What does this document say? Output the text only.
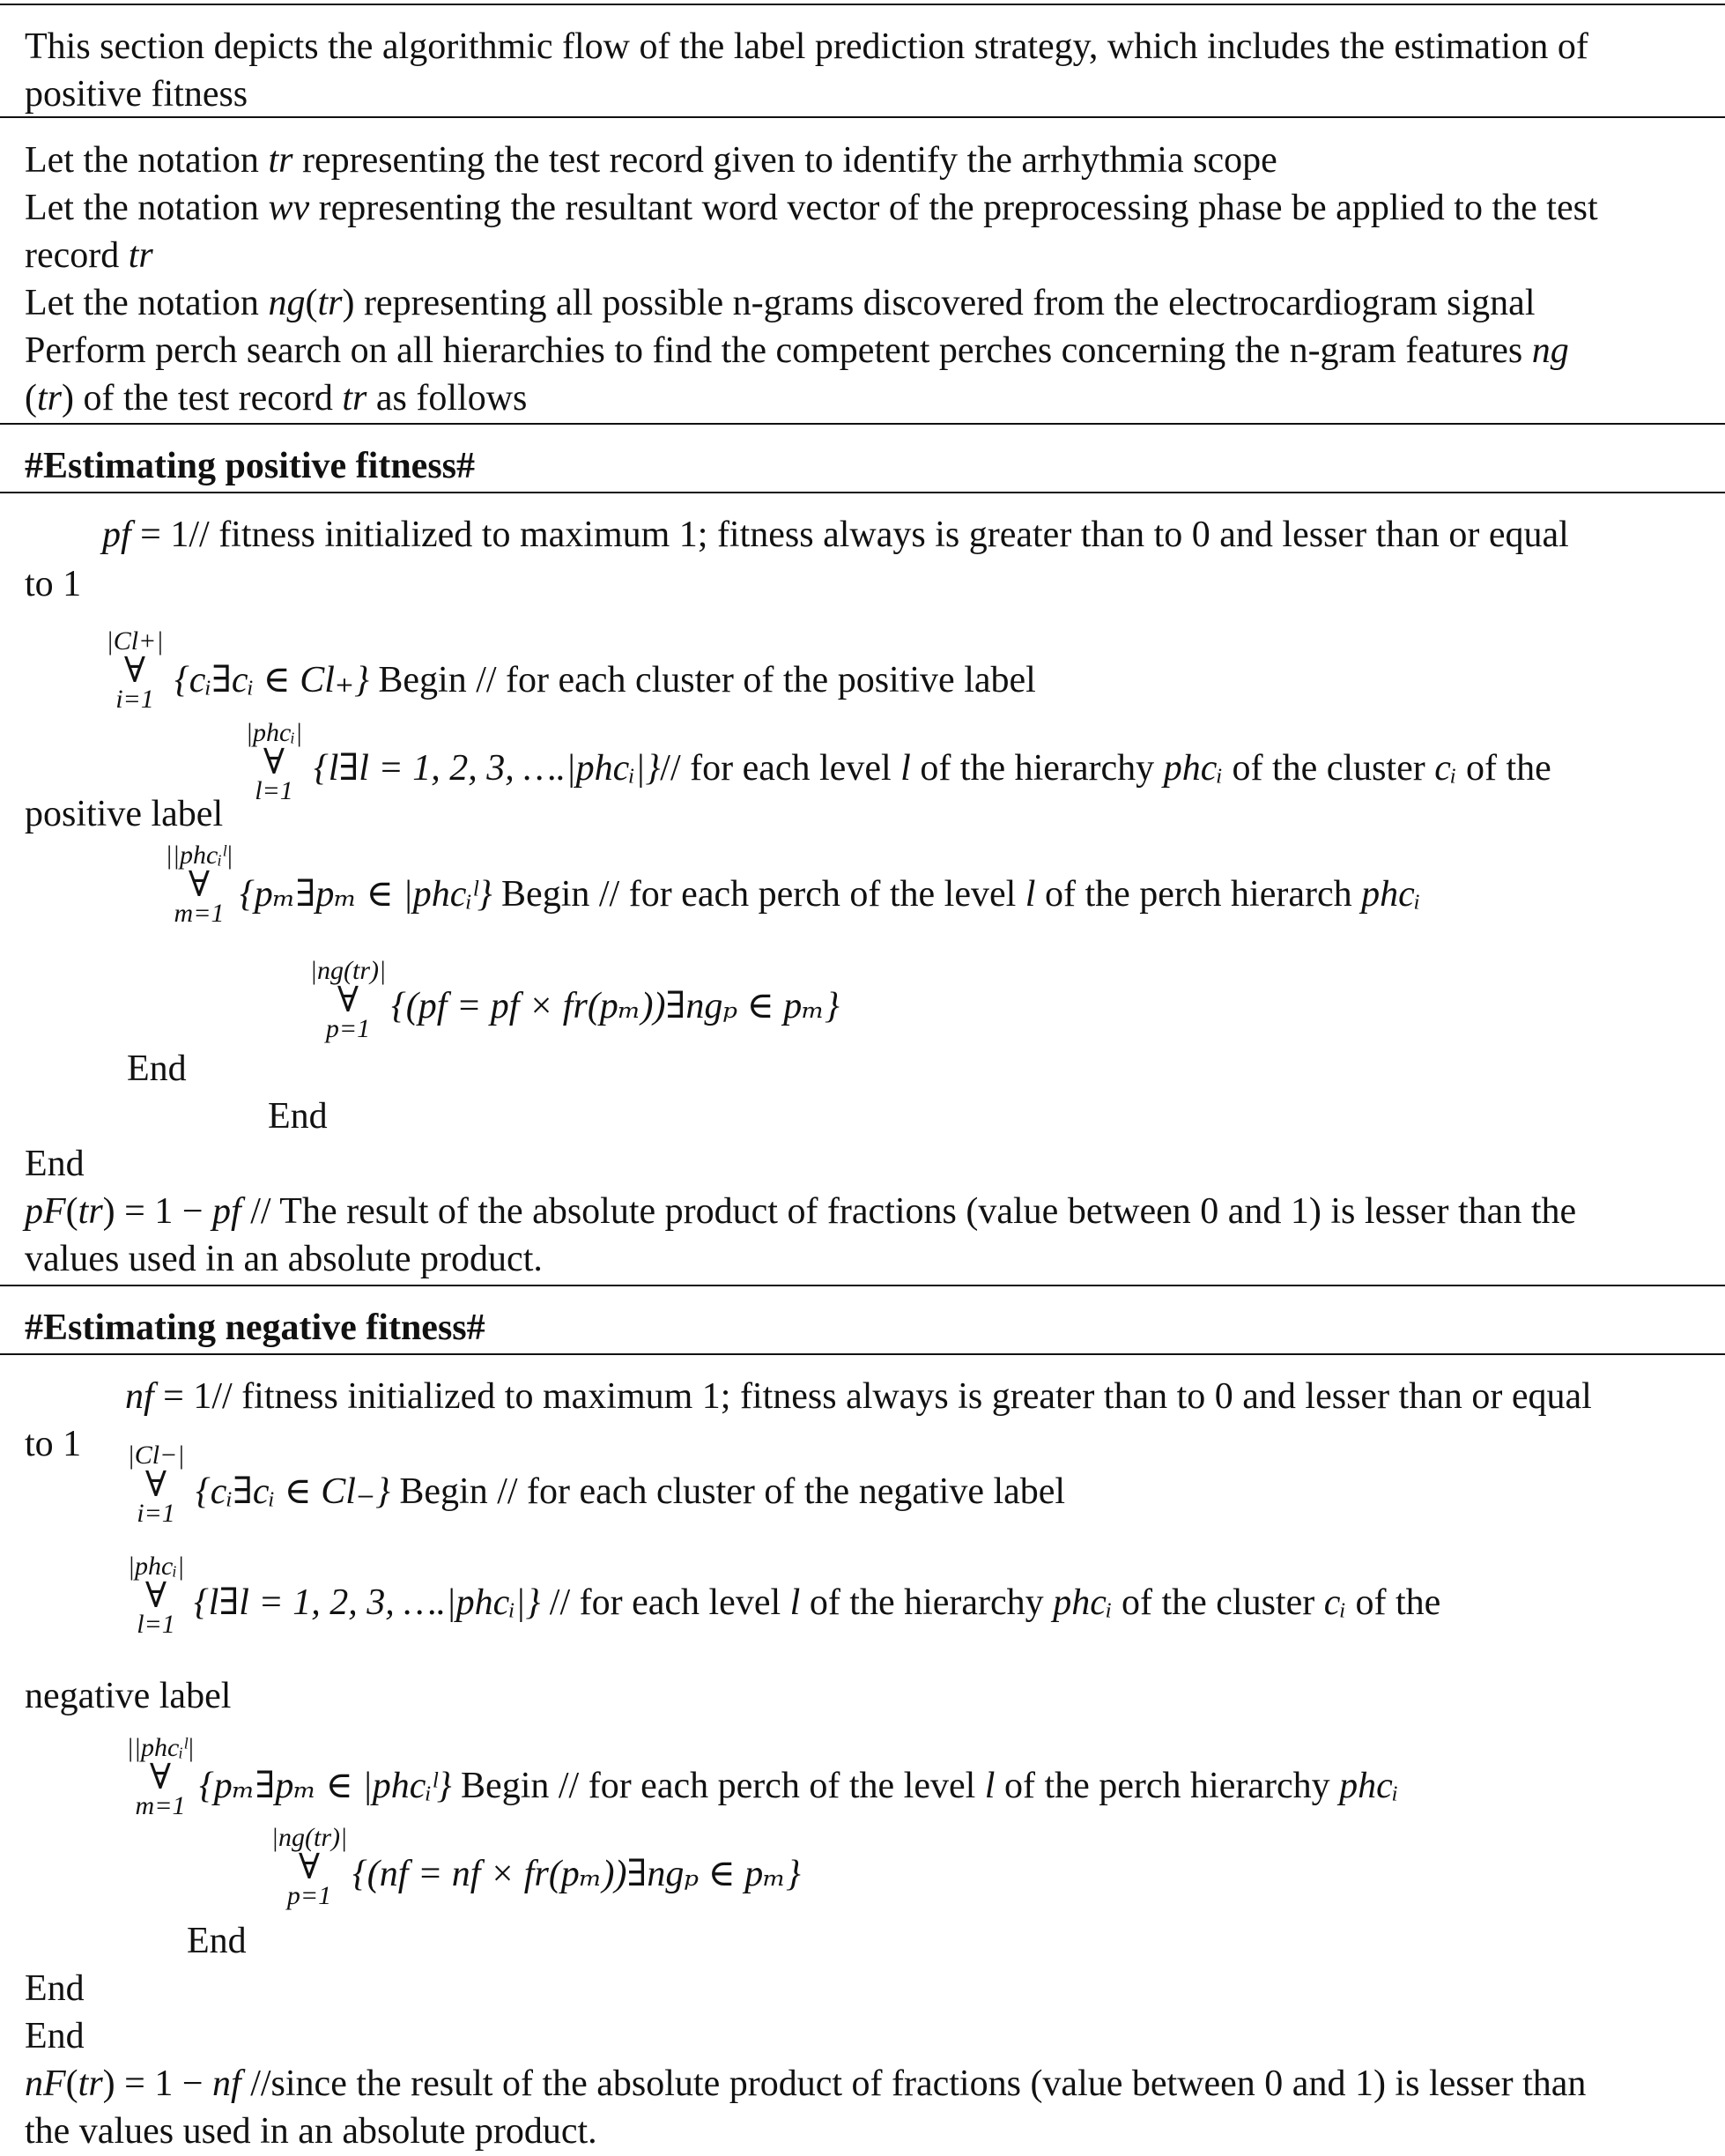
This section depicts the algorithmic flow of the label prediction strategy, which includes the estimation of
positive fitness
Let the notation tr representing the test record given to identify the arrhythmia scope
Let the notation wv representing the resultant word vector of the preprocessing phase be applied to the test
record tr
Let the notation ng(tr) representing all possible n-grams discovered from the electrocardiogram signal
Perform perch search on all hierarchies to find the competent perches concerning the n-gram features ng
(tr) of the test record tr as follows
#Estimating positive fitness#
pf = 1// fitness initialized to maximum 1; fitness always is greater than to 0 and lesser than or equal
to 1
|Cl+|
∀
i=1 {cᵢ∃cᵢ ∈ Cl₊} Begin // for each cluster of the positive label
|phcᵢ|
∀
l=1
{l∃l = 1, 2, 3, ….|phcᵢ|}// for each level l of the hierarchy phcᵢ of the cluster cᵢ of the
positive label
||phcᵢˡ|
∀
m=1 {pₘ∃pₘ ∈ |phcᵢˡ} Begin // for each perch of the level l of the perch hierarch phcᵢ
|ng(tr)|
∀
p=1
{(pf = pf × fr(pₘ))∃ngₚ ∈ pₘ}
End
End
End
pF(tr) = 1 − pf // The result of the absolute product of fractions (value between 0 and 1) is lesser than the
values used in an absolute product.
#Estimating negative fitness#
nf = 1// fitness initialized to maximum 1; fitness always is greater than to 0 and lesser than or equal
to 1	|Cl−|
∀
i=1
{cᵢ∃cᵢ ∈ Cl₋} Begin // for each cluster of the negative label
|phcᵢ|
∀
l=1
{l∃l = 1, 2, 3, ….|phcᵢ|} // for each level l of the hierarchy phcᵢ of the cluster cᵢ of the
negative label
||phcᵢˡ|
∀
m=1 {pₘ∃pₘ ∈ |phcᵢˡ} Begin // for each perch of the level l of the perch hierarchy phcᵢ
|ng(tr)|
∀
p=1
{(nf = nf × fr(pₘ))∃ngₚ ∈ pₘ}
End
End
End
nF(tr) = 1 − nf //since the result of the absolute product of fractions (value between 0 and 1) is lesser than
the values used in an absolute product.
